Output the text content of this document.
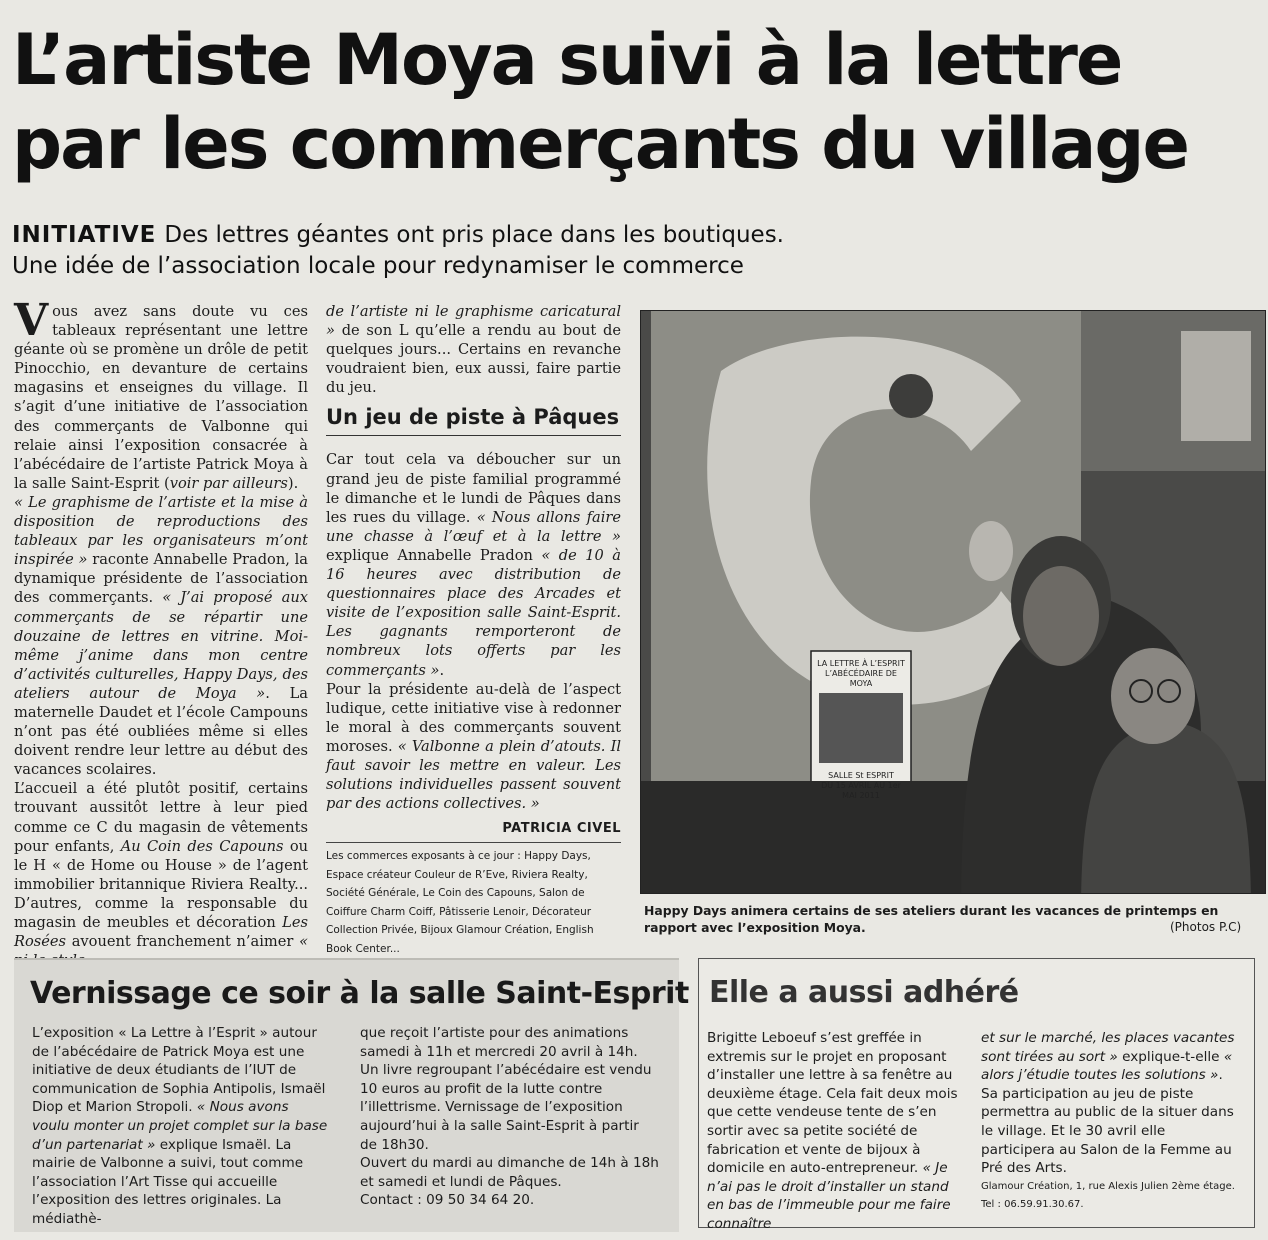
L’artiste Moya suivi à la lettre
par les commerçants du village
INITIATIVE Des lettres géantes ont pris place dans les boutiques.
Une idée de l’association locale pour redynamiser le commerce

Vous avez sans doute vu ces tableaux représentant une lettre géante où se promène un drôle de petit Pinocchio, en devanture de certains magasins et enseignes du village. Il s’agit d’une initiative de l’association des commerçants de Valbonne qui relaie ainsi l’exposition consacrée à l’abécédaire de l’artiste Patrick Moya à la salle Saint-Esprit (voir par ailleurs).

« Le graphisme de l’artiste et la mise à disposition de reproductions des tableaux par les organisateurs m’ont inspirée » raconte Annabelle Pradon, la dynamique présidente de l’association des commerçants. « J’ai proposé aux commerçants de se répartir une douzaine de lettres en vitrine. Moi-même j’anime dans mon centre d’activités culturelles, Happy Days, des ateliers autour de Moya ». La maternelle Daudet et l’école Campouns n’ont pas été oubliées même si elles doivent rendre leur lettre au début des vacances scolaires.

L’accueil a été plutôt positif, certains trouvant aussitôt lettre à leur pied comme ce C du magasin de vêtements pour enfants, Au Coin des Capouns ou le H « de Home ou House » de l’agent immobilier britannique Riviera Realty... D’autres, comme la responsable du magasin de meubles et décoration Les Rosées avouent franchement n’aimer «

de l’artiste ni le graphisme caricatural » de son L qu’elle a rendu au bout de quelques jours... Certains en revanche voudraient bien, eux aussi, faire partie du jeu.

Un jeu de piste à Pâques

Car tout cela va déboucher sur un grand jeu de piste familial programmé le dimanche et le lundi de Pâques dans les rues du village. « Nous allons faire une chasse à l’œuf et à la lettre » explique Annabelle Pradon « de 10 à 16 heures avec distribution de questionnaires place des Arcades et visite de l’exposition salle Saint-Esprit. Les gagnants remporteront de nombreux lots offerts par les commerçants ».

Pour la présidente au-delà de l’aspect ludique, cette initiative vise à redonner le moral à des commerçants souvent moroses. « Valbonne a plein d’atouts. Il faut savoir les mettre en valeur. Les solutions individuelles passent souvent par des actions collectives. »

PATRICIA CIVEL
Les commerces exposants à ce jour : Happy Days, Espace créateur Couleur de R’Eve, Riviera Realty, Société Générale, Le Coin des Capouns, Salon de Coiffure Charm Coiff, Pâtisserie Lenoir, Décorateur Collection Privée, Bijoux Glamour Création, English Book Center...
LA LETTRE À L’ESPRIT
L’ABÉCÉDAIRE DE MOYA
SALLE St ESPRIT
DU 15 AVRIL AU 1er MAI 2011
Happy Days animera certains de ses ateliers durant les vacances de printemps en rapport avec l’exposition Moya.	(Photos P.C)
Vernissage ce soir à la salle Saint-Esprit

L’exposition « La Lettre à l’Esprit » autour de l’abécédaire de Patrick Moya est une initiative de deux étudiants de l’IUT de communication de Sophia Antipolis, Ismaël Diop et Marion Stropoli. « Nous avons voulu monter un projet complet sur la base d’un partenariat » explique Ismaël. La mairie de Valbonne a suivi, tout comme l’association l’Art Tisse qui accueille l’exposition des lettres originales. La médiathè-

que reçoit l’artiste pour des animations samedi à 11h et mercredi 20 avril à 14h. Un livre regroupant l’abécédaire est vendu 10 euros au profit de la lutte contre l’illettrisme. Vernissage de l’exposition aujourd’hui à la salle Saint-Esprit à partir de 18h30.

Ouvert du mardi au dimanche de 14h à 18h et samedi et lundi de Pâques.

Contact : 09 50 34 64 20.

Elle a aussi adhéré

Brigitte Leboeuf s’est greffée in extremis sur le projet en proposant d’installer une lettre à sa fenêtre au deuxième étage. Cela fait deux mois que cette vendeuse tente de s’en sortir avec sa petite société de fabrication et vente de bijoux à domicile en auto-entrepreneur. « Je n’ai pas le droit d’installer un stand en bas de l’immeuble pour me faire connaître

et sur le marché, les places vacantes sont tirées au sort » explique-t-elle « alors j’étudie toutes les solutions ». Sa participation au jeu de piste permettra au public de la situer dans le village. Et le 30 avril elle participera au Salon de la Femme au Pré des Arts.

Glamour Création, 1, rue Alexis Julien 2ème étage.

Tel : 06.59.91.30.67.
